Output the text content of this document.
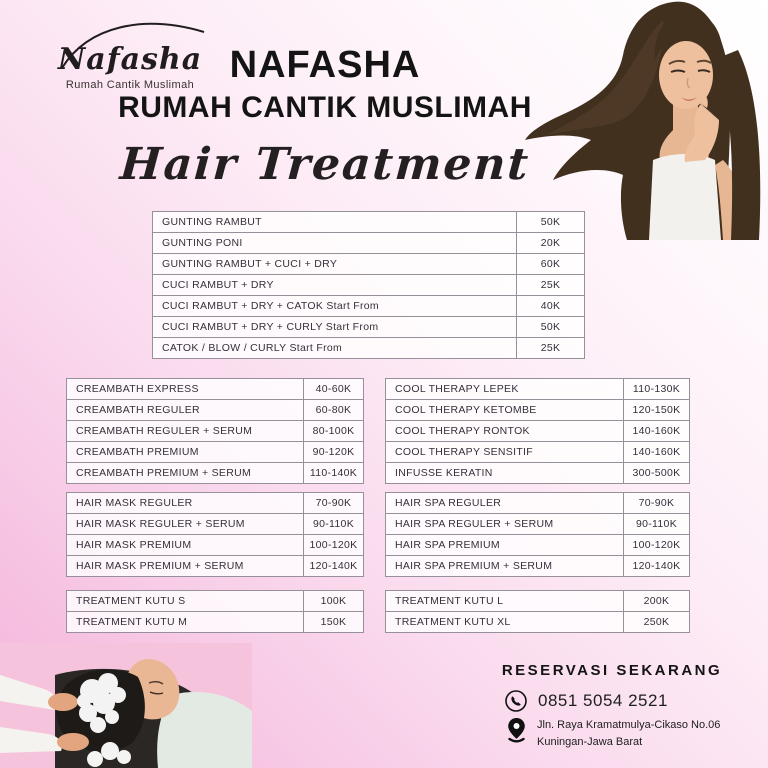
Nafasha
Rumah Cantik Muslimah NAFASHA
RUMAH CANTIK MUSLIMAH
Hair Treatment
GUNTING RAMBUT	50K
GUNTING PONI	20K
GUNTING RAMBUT + CUCI + DRY	60K
CUCI RAMBUT + DRY	25K
CUCI RAMBUT + DRY + CATOK Start From	40K
CUCI RAMBUT + DRY + CURLY Start From	50K
CATOK / BLOW / CURLY Start From	25K
CREAMBATH EXPRESS	40-60K
CREAMBATH REGULER	60-80K
CREAMBATH REGULER + SERUM	80-100K
CREAMBATH PREMIUM	90-120K
CREAMBATH PREMIUM + SERUM	110-140K
COOL THERAPY LEPEK	110-130K
COOL THERAPY KETOMBE	120-150K
COOL THERAPY RONTOK	140-160K
COOL THERAPY SENSITIF	140-160K
INFUSSE KERATIN	300-500K
HAIR MASK REGULER	70-90K
HAIR MASK REGULER + SERUM	90-110K
HAIR MASK PREMIUM	100-120K
HAIR MASK PREMIUM + SERUM	120-140K
HAIR SPA REGULER	70-90K
HAIR SPA REGULER + SERUM	90-110K
HAIR SPA PREMIUM	100-120K
HAIR SPA PREMIUM + SERUM	120-140K
TREATMENT KUTU S	100K
TREATMENT KUTU M	150K
TREATMENT KUTU L	200K
TREATMENT KUTU XL	250K
RESERVASI SEKARANG
0851 5054 2521
Jln. Raya Kramatmulya-Cikaso No.06
Kuningan-Jawa Barat
